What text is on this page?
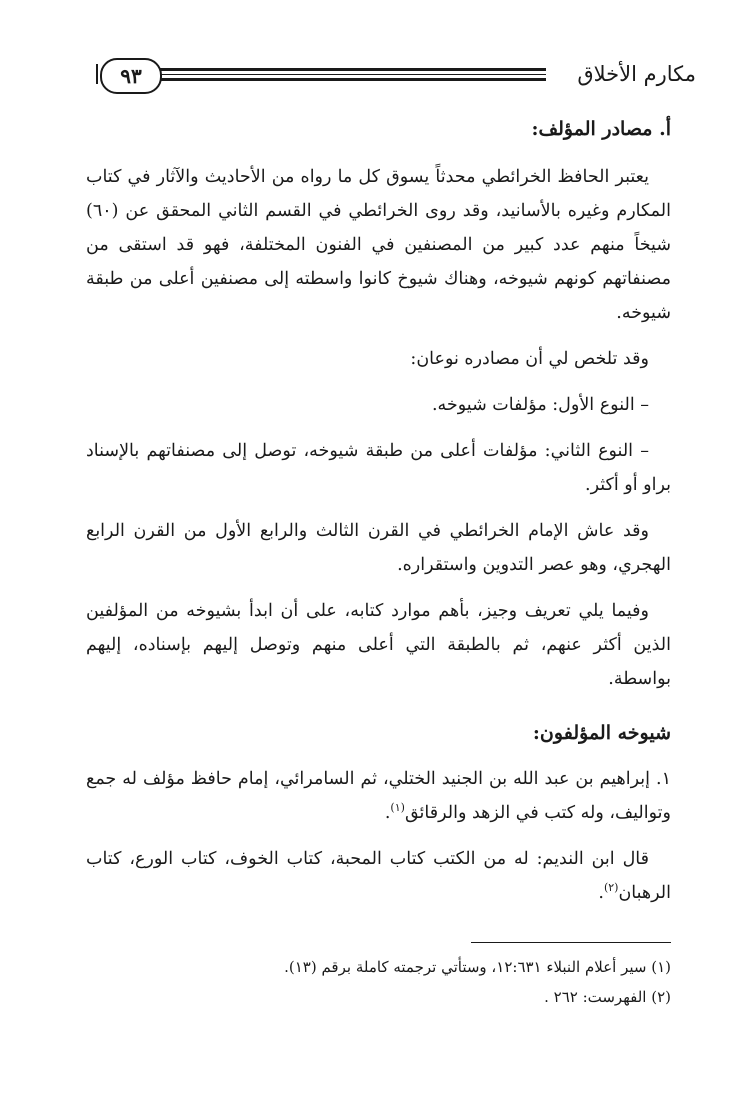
مكارم الأخلاق
٩٣
أ. مصادر المؤلف:

يعتبر الحافظ الخرائطي محدثاً يسوق كل ما رواه من الأحاديث والآثار في كتاب المكارم وغيره بالأسانيد، وقد روى الخرائطي في القسم الثاني المحقق عن (٦٠) شيخاً منهم عدد كبير من المصنفين في الفنون المختلفة، فهو قد استقى من مصنفاتهم كونهم شيوخه، وهناك شيوخ كانوا واسطته إلى مصنفين أعلى من طبقة شيوخه.

وقد تلخص لي أن مصادره نوعان:

– النوع الأول: مؤلفات شيوخه.

– النوع الثاني: مؤلفات أعلى من طبقة شيوخه، توصل إلى مصنفاتهم بالإسناد براو أو أكثر.

وقد عاش الإمام الخرائطي في القرن الثالث والرابع الأول من القرن الرابع الهجري، وهو عصر التدوين واستقراره.

وفيما يلي تعريف وجيز، بأهم موارد كتابه، على أن ابدأ بشيوخه من المؤلفين الذين أكثر عنهم، ثم بالطبقة التي أعلى منهم وتوصل إليهم بإسناده، إليهم بواسطة.

شيوخه المؤلفون:

١. إبراهيم بن عبد الله بن الجنيد الختلي، ثم السامرائي، إمام حافظ مؤلف له جمع وتواليف، وله كتب في الزهد والرقائق$^{(١)}$.

قال ابن النديم: له من الكتب كتاب المحبة، كتاب الخوف، كتاب الورع، كتاب الرهبان$^{(٢)}$.

(١) سير أعلام النبلاء ١٢:٦٣١، وستأتي ترجمته كاملة برقم (١٣).

(٢) الفهرست: ٢٦٢ .
